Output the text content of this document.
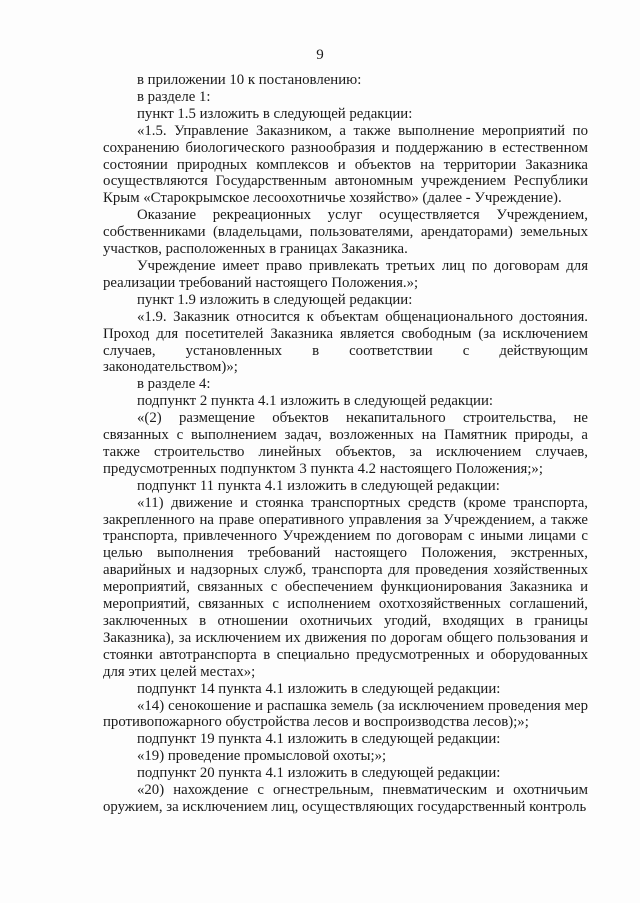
9

в приложении 10 к постановлению:

в разделе 1:

пункт 1.5 изложить в следующей редакции:

«1.5. Управление Заказником, а также выполнение мероприятий по сохранению биологического разнообразия и поддержанию в естественном состоянии природных комплексов и объектов на территории Заказника осуществляются Государственным автономным учреждением Республики Крым «Старокрымское лесоохотничье хозяйство» (далее - Учреждение).

Оказание рекреационных услуг осуществляется Учреждением, собственниками (владельцами, пользователями, арендаторами) земельных участков, расположенных в границах Заказника.

Учреждение имеет право привлекать третьих лиц по договорам для реализации требований настоящего Положения.»;

пункт 1.9 изложить в следующей редакции:

«1.9. Заказник относится к объектам общенационального достояния. Проход для посетителей Заказника является свободным (за исключением случаев, установленных в соответствии с действующим законодательством)»;

в разделе 4:

подпункт 2 пункта 4.1 изложить в следующей редакции:

«(2) размещение объектов некапитального строительства, не связанных с выполнением задач, возложенных на Памятник природы, а также строительство линейных объектов, за исключением случаев, предусмотренных подпунктом 3 пункта 4.2 настоящего Положения;»;

подпункт 11 пункта 4.1 изложить в следующей редакции:

«11) движение и стоянка транспортных средств (кроме транспорта, закрепленного на праве оперативного управления за Учреждением, а также транспорта, привлеченного Учреждением по договорам с иными лицами с целью выполнения требований настоящего Положения, экстренных, аварийных и надзорных служб, транспорта для проведения хозяйственных мероприятий, связанных с обеспечением функционирования Заказника и мероприятий, связанных с исполнением охотхозяйственных соглашений, заключенных в отношении охотничьих угодий, входящих в границы Заказника), за исключением их движения по дорогам общего пользования и стоянки автотранспорта в специально предусмотренных и оборудованных для этих целей местах»;

подпункт 14 пункта 4.1 изложить в следующей редакции:

«14) сенокошение и распашка земель (за исключением проведения мер противопожарного обустройства лесов и воспроизводства лесов);»;

подпункт 19 пункта 4.1 изложить в следующей редакции:

«19) проведение промысловой охоты;»;

подпункт 20 пункта 4.1 изложить в следующей редакции:

«20) нахождение с огнестрельным, пневматическим и охотничьим оружием, за исключением лиц, осуществляющих государственный контроль
